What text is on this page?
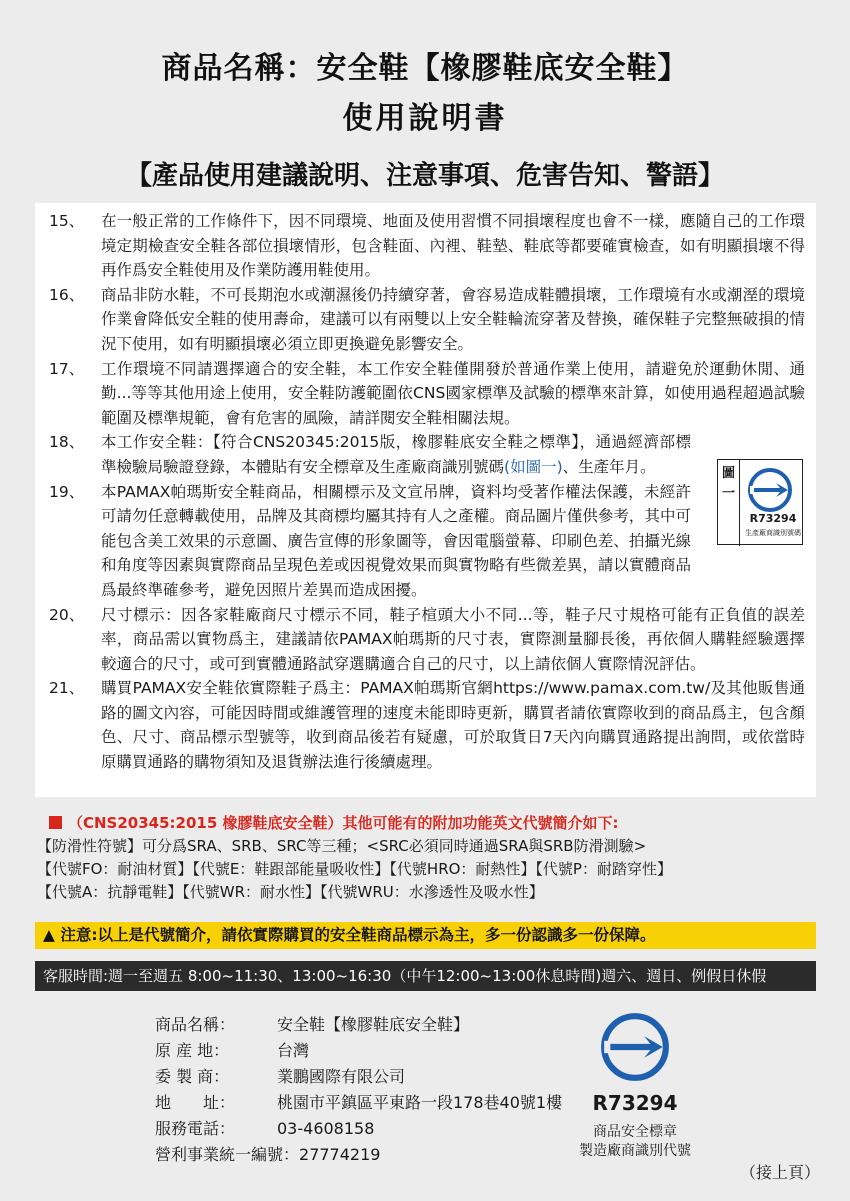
商品名稱：安全鞋【橡膠鞋底安全鞋】
使用說明書
【產品使用建議說明、注意事項、危害告知、警語】
15、	在一般正常的工作條件下，因不同環境、地面及使用習慣不同損壞程度也會不一樣，應隨自己的工作環境定期檢查安全鞋各部位損壞情形，包含鞋面、內裡、鞋墊、鞋底等都要確實檢查，如有明顯損壞不得再作爲安全鞋使用及作業防護用鞋使用。
16、	商品非防水鞋，不可長期泡水或潮濕後仍持續穿著，會容易造成鞋體損壞，工作環境有水或潮溼的環境作業會降低安全鞋的使用壽命，建議可以有兩雙以上安全鞋輪流穿著及替換，確保鞋子完整無破損的情況下使用，如有明顯損壞必須立即更換避免影響安全。
17、	工作環境不同請選擇適合的安全鞋，本工作安全鞋僅開發於普通作業上使用，請避免於運動休閒、通勤...等等其他用途上使用，安全鞋防護範圍依CNS國家標準及試驗的標準來計算，如使用過程超過試驗範圍及標準規範，會有危害的風險，請詳閱安全鞋相關法規。
18、	本工作安全鞋：【符合CNS20345:2015版，橡膠鞋底安全鞋之標準】，通過經濟部標準檢驗局驗證登錄，本體貼有安全標章及生產廠商識別號碼(如圖一)、生產年月。
19、	本PAMAX帕瑪斯安全鞋商品，相關標示及文宣吊牌，資料均受著作權法保護，未經許可請勿任意轉載使用，品牌及其商標均屬其持有人之產權。商品圖片僅供參考，其中可能包含美工效果的示意圖、廣告宣傳的形象圖等，會因電腦螢幕、印刷色差、拍攝光線和角度等因素與實際商品呈現色差或因視覺效果而與實物略有些微差異，請以實體商品爲最終準確參考，避免因照片差異而造成困擾。
20、	尺寸標示：因各家鞋廠商尺寸標示不同，鞋子楦頭大小不同...等，鞋子尺寸規格可能有正負值的誤差率，商品需以實物爲主，建議請依PAMAX帕瑪斯的尺寸表，實際測量腳長後，再依個人購鞋經驗選擇較適合的尺寸，或可到實體通路試穿選購適合自己的尺寸，以上請依個人實際情況評估。
21、	購買PAMAX安全鞋依實際鞋子爲主：PAMAX帕瑪斯官網https://www.pamax.com.tw/及其他販售通路的圖文內容，可能因時間或維護管理的速度未能即時更新，購買者請依實際收到的商品爲主，包含顏色、尺寸、商品標示型號等，收到商品後若有疑慮，可於取貨日7天內向購買通路提出詢問，或依當時原購買通路的購物須知及退貨辦法進行後續處理。
圖一
R73294
生產廠商識別號碼
（CNS20345:2015 橡膠鞋底安全鞋）其他可能有的附加功能英文代號簡介如下:
【防滑性符號】可分爲SRA、SRB、SRC等三種；<SRC必須同時通過SRA與SRB防滑測驗>
【代號FO：耐油材質】【代號E：鞋跟部能量吸收性】【代號HRO：耐熱性】【代號P：耐踏穿性】
【代號A：抗靜電鞋】【代號WR：耐水性】【代號WRU：水滲透性及吸水性】
▲ 注意:以上是代號簡介，請依實際購買的安全鞋商品標示為主，多一份認識多一份保障。
客服時間:週一至週五 8:00~11:30、13:00~16:30（中午12:00~13:00休息時間)週六、週日、例假日休假
商品名稱：	安全鞋【橡膠鞋底安全鞋】
原 産 地：	台灣
委 製 商：	業鵬國際有限公司
地　　址：	桃園市平鎮區平東路一段178巷40號1樓
服務電話：	03-4608158
營利事業統一編號： 27774219
R73294
商品安全標章
製造廠商識別代號
（接上頁）
